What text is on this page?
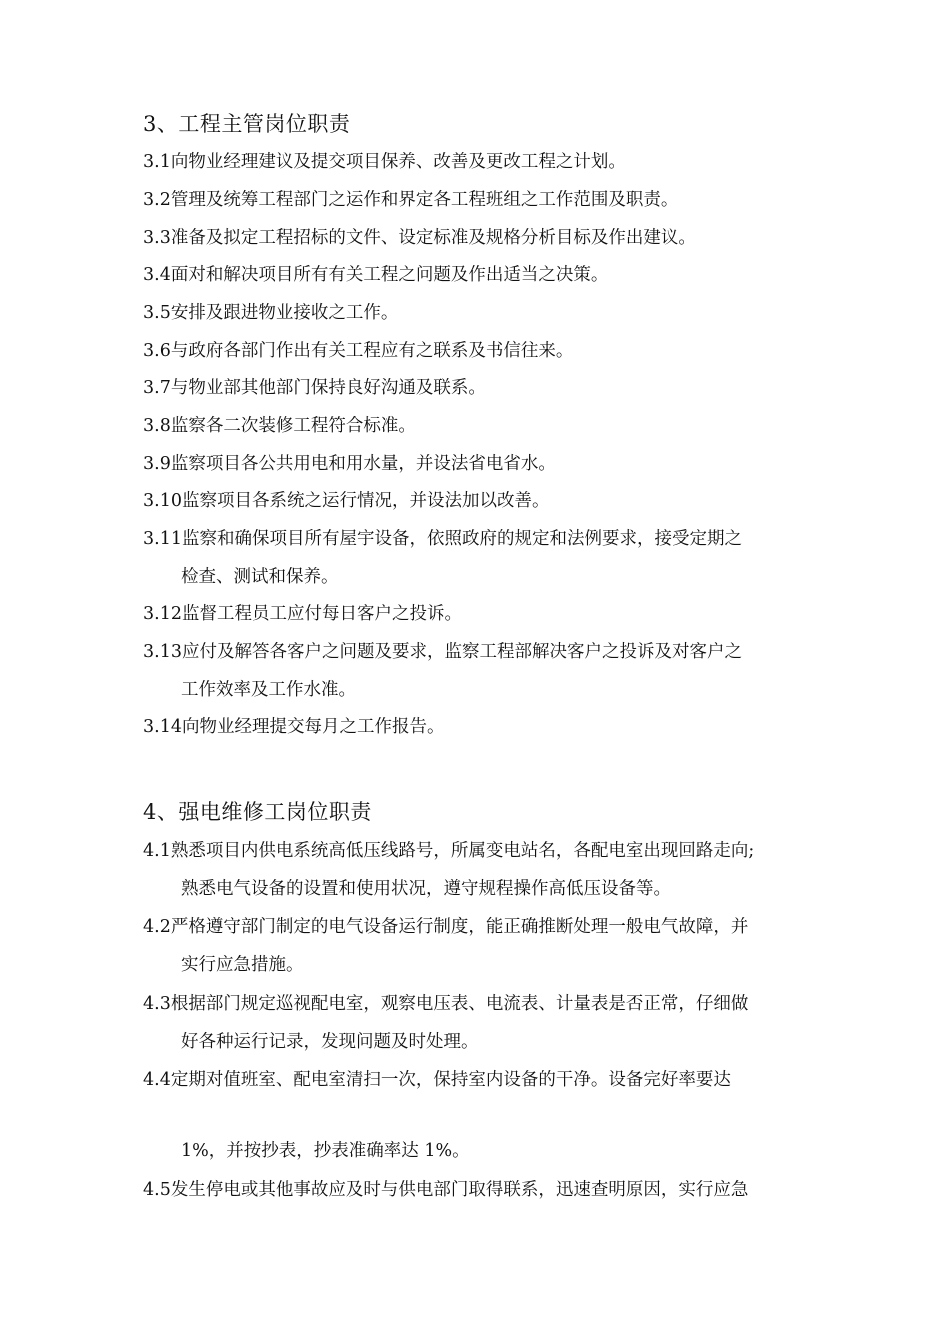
3、工程主管岗位职责
3.1向物业经理建议及提交项目保养、改善及更改工程之计划。
3.2管理及统筹工程部门之运作和界定各工程班组之工作范围及职责。
3.3准备及拟定工程招标的文件、设定标准及规格分析目标及作出建议。
3.4面对和解决项目所有有关工程之问题及作出适当之决策。
3.5安排及跟进物业接收之工作。
3.6与政府各部门作出有关工程应有之联系及书信往来。
3.7与物业部其他部门保持良好沟通及联系。
3.8监察各二次装修工程符合标准。
3.9监察项目各公共用电和用水量，并设法省电省水。
3.10监察项目各系统之运行情况，并设法加以改善。
3.11监察和确保项目所有屋宇设备，依照政府的规定和法例要求，接受定期之
检查、测试和保养。
3.12监督工程员工应付每日客户之投诉。
3.13应付及解答各客户之问题及要求，监察工程部解决客户之投诉及对客户之
工作效率及工作水准。
3.14向物业经理提交每月之工作报告。
4、强电维修工岗位职责
4.1熟悉项目内供电系统高低压线路号，所属变电站名，各配电室出现回路走向;
熟悉电气设备的设置和使用状况，遵守规程操作高低压设备等。
4.2严格遵守部门制定的电气设备运行制度，能正确推断处理一般电气故障，并
实行应急措施。
4.3根据部门规定巡视配电室，观察电压表、电流表、计量表是否正常，仔细做
好各种运行记录，发现问题及时处理。
4.4定期对值班室、配电室清扫一次，保持室内设备的干净。设备完好率要达
1%，并按抄表，抄表准确率达 1%。
4.5发生停电或其他事故应及时与供电部门取得联系，迅速查明原因，实行应急
